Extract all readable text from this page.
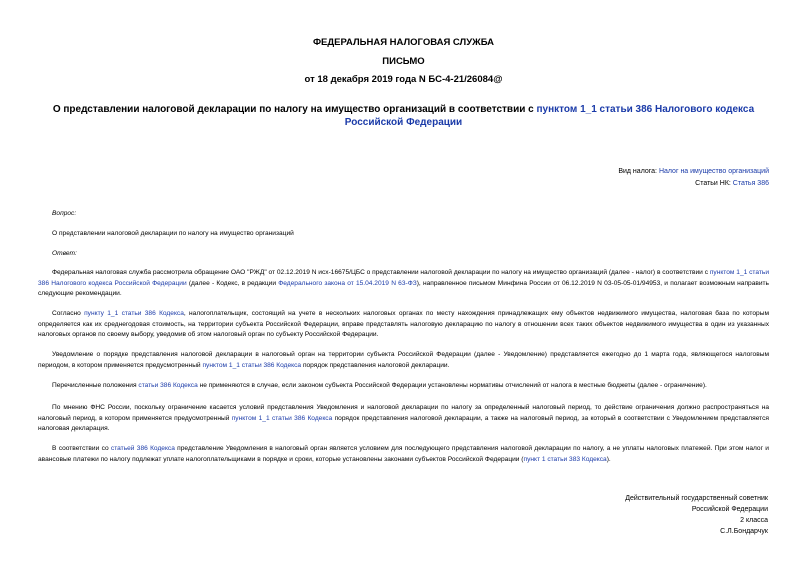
ФЕДЕРАЛЬНАЯ НАЛОГОВАЯ СЛУЖБА
ПИСЬМО
от 18 декабря 2019 года N БС-4-21/26084@
О представлении налоговой декларации по налогу на имущество организаций в соответствии с пунктом 1_1 статьи 386 Налогового кодекса Российской Федерации
Вид налога: Налог на имущество организаций
Статьи НК: Статья 386
Вопрос:
О представлении налоговой декларации по налогу на имущество организаций
Ответ:
Федеральная налоговая служба рассмотрела обращение ОАО "РЖД" от 02.12.2019 N исх-16675/ЦБС о представлении налоговой декларации по налогу на имущество организаций (далее - налог) в соответствии с пунктом 1_1 статьи 386 Налогового кодекса Российской Федерации (далее - Кодекс, в редакции Федерального закона от 15.04.2019 N 63-ФЗ), направленное письмом Минфина России от 06.12.2019 N 03-05-05-01/94953, и полагает возможным направить следующие рекомендации.
Согласно пункту 1_1 статьи 386 Кодекса, налогоплательщик, состоящий на учете в нескольких налоговых органах по месту нахождения принадлежащих ему объектов недвижимого имущества, налоговая база по которым определяется как их среднегодовая стоимость, на территории субъекта Российской Федерации, вправе представлять налоговую декларацию по налогу в отношении всех таких объектов недвижимого имущества в один из указанных налоговых органов по своему выбору, уведомив об этом налоговый орган по субъекту Российской Федерации.
Уведомление о порядке представления налоговой декларации в налоговый орган на территории субъекта Российской Федерации (далее - Уведомление) представляется ежегодно до 1 марта года, являющегося налоговым периодом, в котором применяется предусмотренный пунктом 1_1 статьи 386 Кодекса порядок представления налоговой декларации.
Перечисленные положения статьи 386 Кодекса не применяются в случае, если законом субъекта Российской Федерации установлены нормативы отчислений от налога в местные бюджеты (далее - ограничение).
По мнению ФНС России, поскольку ограничение касается условий представления Уведомления и налоговой декларации по налогу за определенный налоговый период, то действие ограничения должно распространяться на налоговый период, в котором применяется предусмотренный пунктом 1_1 статьи 386 Кодекса порядок представления налоговой декларации, а также на налоговый период, за который в соответствии с Уведомлением представляется налоговая декларация.
В соответствии со статьей 386 Кодекса представление Уведомления в налоговый орган является условием для последующего представления налоговой декларации по налогу, а не уплаты налоговых платежей. При этом налог и авансовые платежи по налогу подлежат уплате налогоплательщиками в порядке и сроки, которые установлены законами субъектов Российской Федерации (пункт 1 статьи 383 Кодекса).
Действительный государственный советник
Российской Федерации
2 класса
С.Л.Бондарчук
